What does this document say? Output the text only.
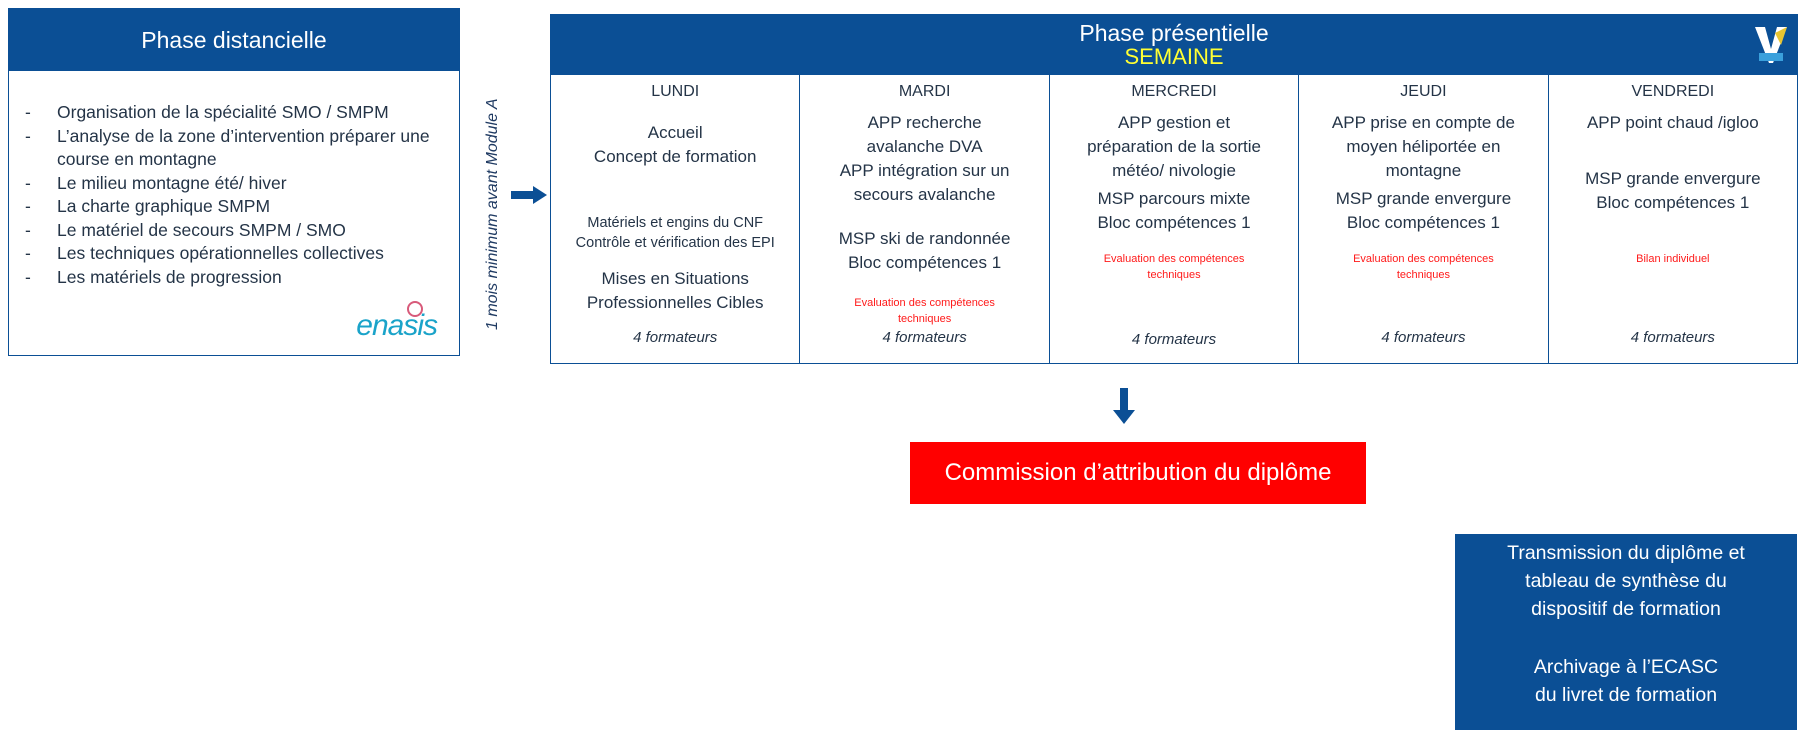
Phase distancielle
-	Organisation de la spécialité SMO / SMPM
-	L’analyse de la zone d’intervention préparer une course en montagne
-	Le milieu montagne été/ hiver
-	La charte graphique SMPM
-	Le matériel de secours SMPM / SMO
-	Les techniques opérationnelles collectives
-	Les matériels de progression
enasis	1 mois minimum avant Module A
Phase présentielle
SEMAINE
LUNDI
Accueil
Concept de formation
Matériels et engins du CNF
Contrôle et vérification des EPI
Mises en Situations
Professionnelles Cibles
4 formateurs
MARDI
APP recherche
avalanche DVA
APP intégration sur un
secours avalanche
MSP ski de randonnée
Bloc compétences 1
Evaluation des compétences
techniques
4 formateurs
MERCREDI
APP gestion et
préparation de la sortie
météo/ nivologie
MSP parcours mixte
Bloc compétences 1
Evaluation des compétences
techniques
4 formateurs
JEUDI
APP prise en compte de
moyen héliportée en
montagne
MSP grande envergure
Bloc compétences 1
Evaluation des compétences
techniques
4 formateurs
VENDREDI
APP point chaud /igloo
MSP grande envergure
Bloc compétences 1
Bilan individuel
4 formateurs
Commission d’attribution du diplôme
Transmission du diplôme et
tableau de synthèse du
dispositif de formation
Archivage à l’ECASC
du livret de formation
